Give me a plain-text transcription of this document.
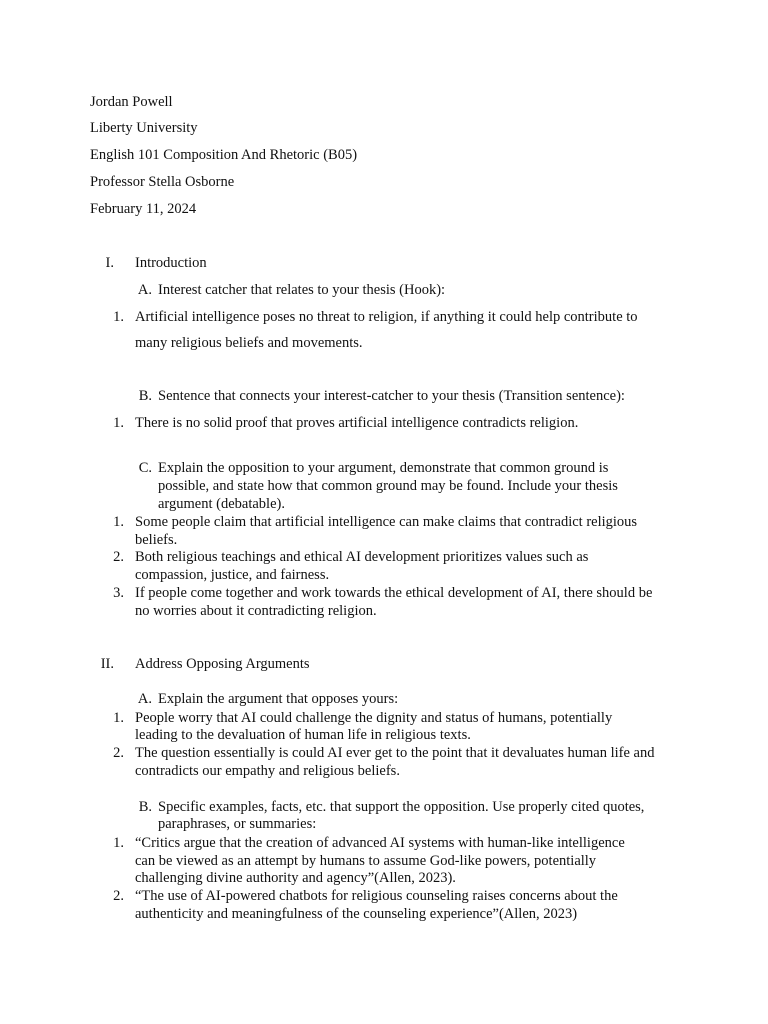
Jordan Powell
Liberty University
English 101 Composition And Rhetoric (B05)
Professor Stella Osborne
February 11, 2024
I. Introduction
A. Interest catcher that relates to your thesis (Hook):
1. Artificial intelligence poses no threat to religion, if anything it could help contribute to
many religious beliefs and movements.
B. Sentence that connects your interest-catcher to your thesis (Transition sentence):
1. There is no solid proof that proves artificial intelligence contradicts religion.
C. Explain the opposition to your argument, demonstrate that common ground is
possible, and state how that common ground may be found. Include your thesis
argument (debatable).
1. Some people claim that artificial intelligence can make claims that contradict religious
beliefs.
2. Both religious teachings and ethical AI development prioritizes values such as
compassion, justice, and fairness.
3. If people come together and work towards the ethical development of AI, there should be
no worries about it contradicting religion.
II. Address Opposing Arguments
A. Explain the argument that opposes yours:
1. People worry that AI could challenge the dignity and status of humans, potentially
leading to the devaluation of human life in religious texts.
2. The question essentially is could AI ever get to the point that it devaluates human life and
contradicts our empathy and religious beliefs.
B. Specific examples, facts, etc. that support the opposition. Use properly cited quotes,
paraphrases, or summaries:
1. “Critics argue that the creation of advanced AI systems with human-like intelligence
can be viewed as an attempt by humans to assume God-like powers, potentially
challenging divine authority and agency”(Allen, 2023).
2. “The use of AI-powered chatbots for religious counseling raises concerns about the
authenticity and meaningfulness of the counseling experience”(Allen, 2023)
